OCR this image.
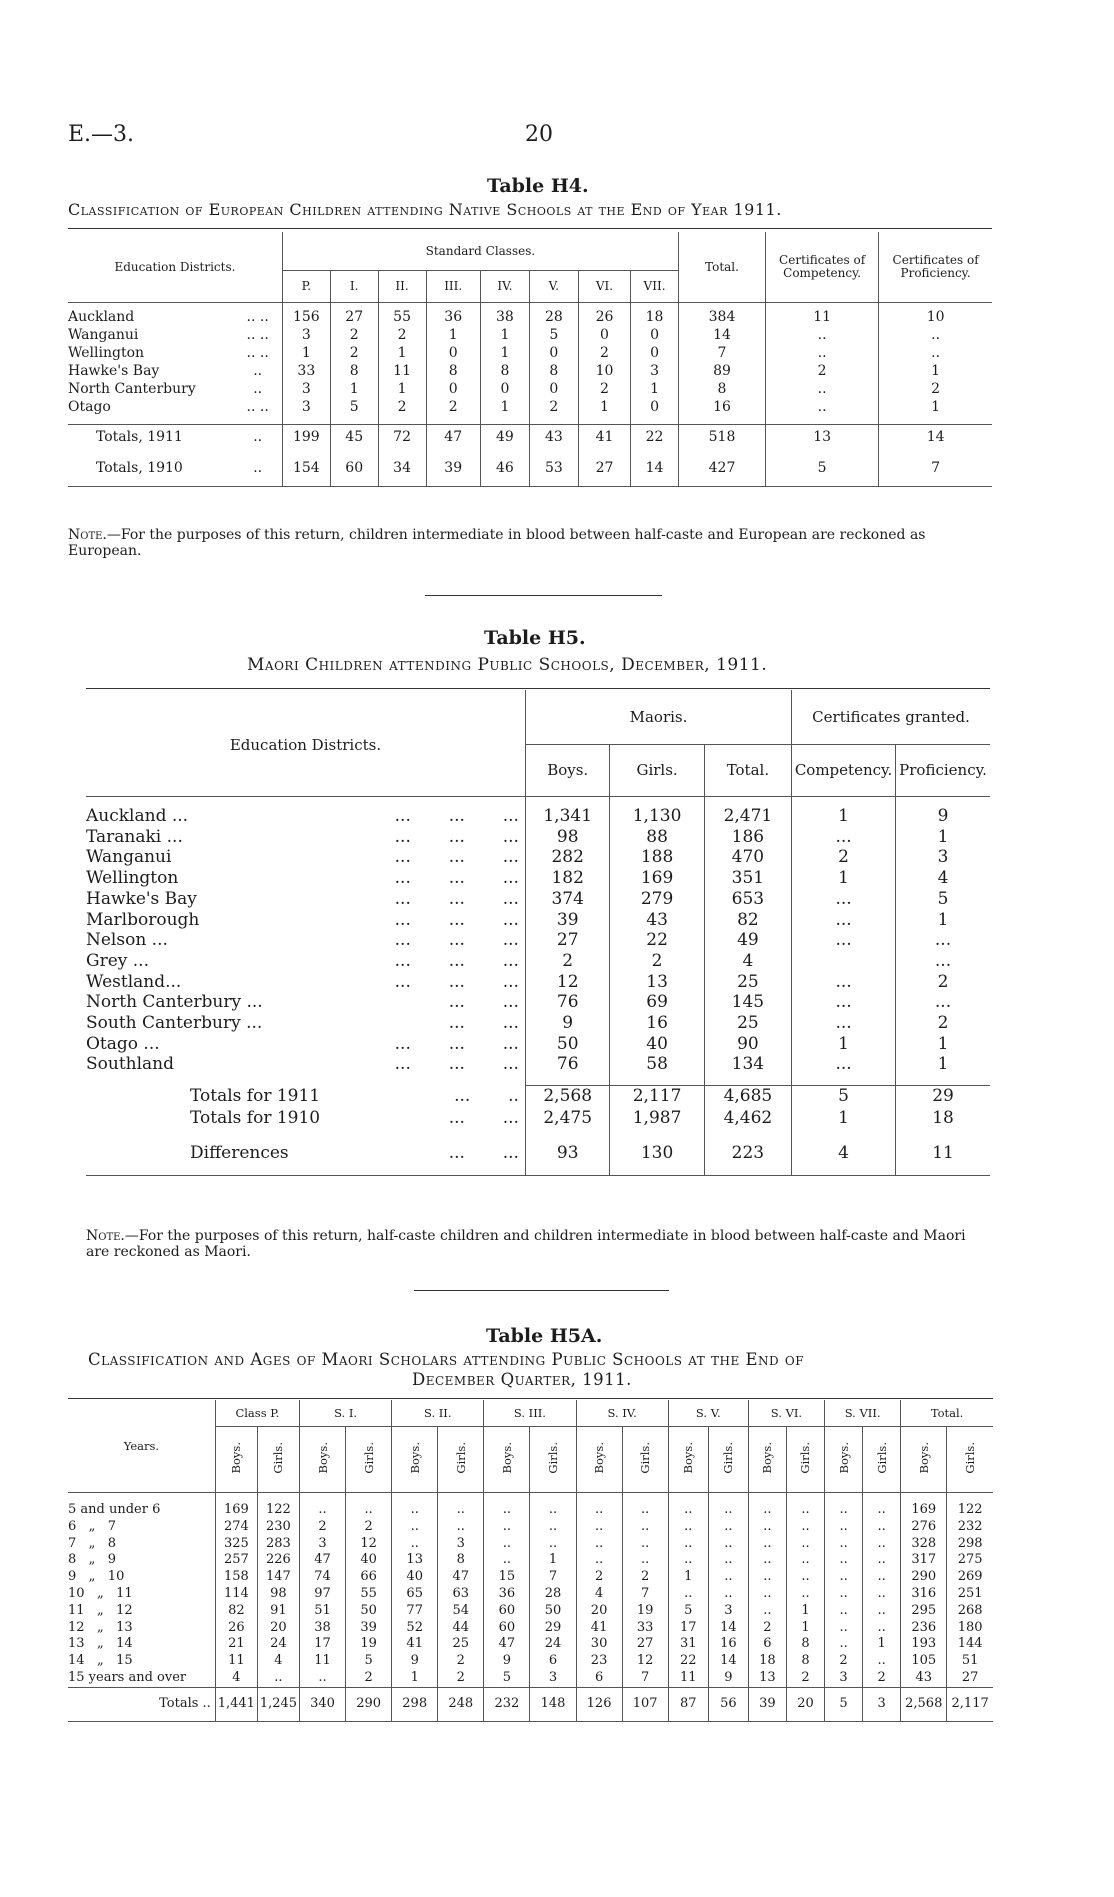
E.—3.	20
Table H4.
Classification of European Children attending Native Schools at the End of Year 1911.
Education Districts.		Standard Classes.								Total.	Certificates of Competency.	Certificates of Proficiency.
		P.	I.	II.	III.	IV.	V.	VI.	VII.			

Auckland	.. ..	156	27	55	36	38	28	26	18	384	11	10
Wanganui	.. ..	3	2	2	1	1	5	0	0	14	..	..
Wellington	.. ..	1	2	1	0	1	0	2	0	7	..	..
Hawke's Bay	..	33	8	11	8	8	8	10	3	89	2	1
North Canterbury	..	3	1	1	0	0	0	2	1	8	..	2
Otago	.. ..	3	5	2	2	1	2	1	0	16	..	1

Totals, 1911	..	199	45	72	47	49	43	41	22	518	13	14
Totals, 1910	..	154	60	34	39	46	53	27	14	427	5	7

Note.—For the purposes of this return, children intermediate in blood between half-caste and European are reckoned as European.
Table H5.
Maori Children attending Public Schools, December, 1911.
Education Districts.		Maoris.			Certificates granted.	
		Boys.	Girls.	Total.	Competency.	Proficiency.

Auckland ...	...       ...       ...	1,341	1,130	2,471	1	9
Taranaki ...	...       ...       ...	98	88	186	...	1
Wanganui	...       ...       ...	282	188	470	2	3
Wellington	...       ...       ...	182	169	351	1	4
Hawke's Bay	...       ...       ...	374	279	653	...	5
Marlborough	...       ...       ...	39	43	82	...	1
Nelson ...	...       ...       ...	27	22	49	...	...
Grey ...	...       ...       ...	2	2	4		...
Westland...	...       ...       ...	12	13	25	...	2
North Canterbury ...	...       ...	76	69	145	...	...
South Canterbury ...	...       ...	9	16	25	...	2
Otago ...	...       ...       ...	50	40	90	1	1
Southland	...       ...       ...	76	58	134	...	1

Totals for 1911	...       ..	2,568	2,117	4,685	5	29
Totals for 1910	...       ...	2,475	1,987	4,462	1	18

Differences	...       ...	93	130	223	4	11

Note.—For the purposes of this return, half-caste children and children intermediate in blood between half-caste and Maori are reckoned as Maori.
Table H5A.
Classification and Ages of Maori Scholars attending Public Schools at the End of
December Quarter, 1911.
Years.	Class P.		S. I.		S. II.		S. III.		S. IV.		S. V.		S. VI.		S. VII.		Total.	
	Boys.	Girls.	Boys.	Girls.	Boys.	Girls.	Boys.	Girls.	Boys.	Girls.	Boys.	Girls.	Boys.	Girls.	Boys.	Girls.	Boys.	Girls.

5 and under 6	169	122	..	..	..	..	..	..	..	..	..	..	..	..	..	..	169	122
6   „   7	274	230	2	2	..	..	..	..	..	..	..	..	..	..	..	..	276	232
7   „   8	325	283	3	12	..	3	..	..	..	..	..	..	..	..	..	..	328	298
8   „   9	257	226	47	40	13	8	..	1	..	..	..	..	..	..	..	..	317	275
9   „   10	158	147	74	66	40	47	15	7	2	2	1	..	..	..	..	..	290	269
10   „   11	114	98	97	55	65	63	36	28	4	7	..	..	..	..	..	..	316	251
11   „   12	82	91	51	50	77	54	60	50	20	19	5	3	..	1	..	..	295	268
12   „   13	26	20	38	39	52	44	60	29	41	33	17	14	2	1	..	..	236	180
13   „   14	21	24	17	19	41	25	47	24	30	27	31	16	6	8	..	1	193	144
14   „   15	11	4	11	5	9	2	9	6	23	12	22	14	18	8	2	..	105	51
15 years and over	4	..	..	2	1	2	5	3	6	7	11	9	13	2	3	2	43	27
Totals ..	1,441	1,245	340	290	298	248	232	148	126	107	87	56	39	20	5	3	2,568	2,117
